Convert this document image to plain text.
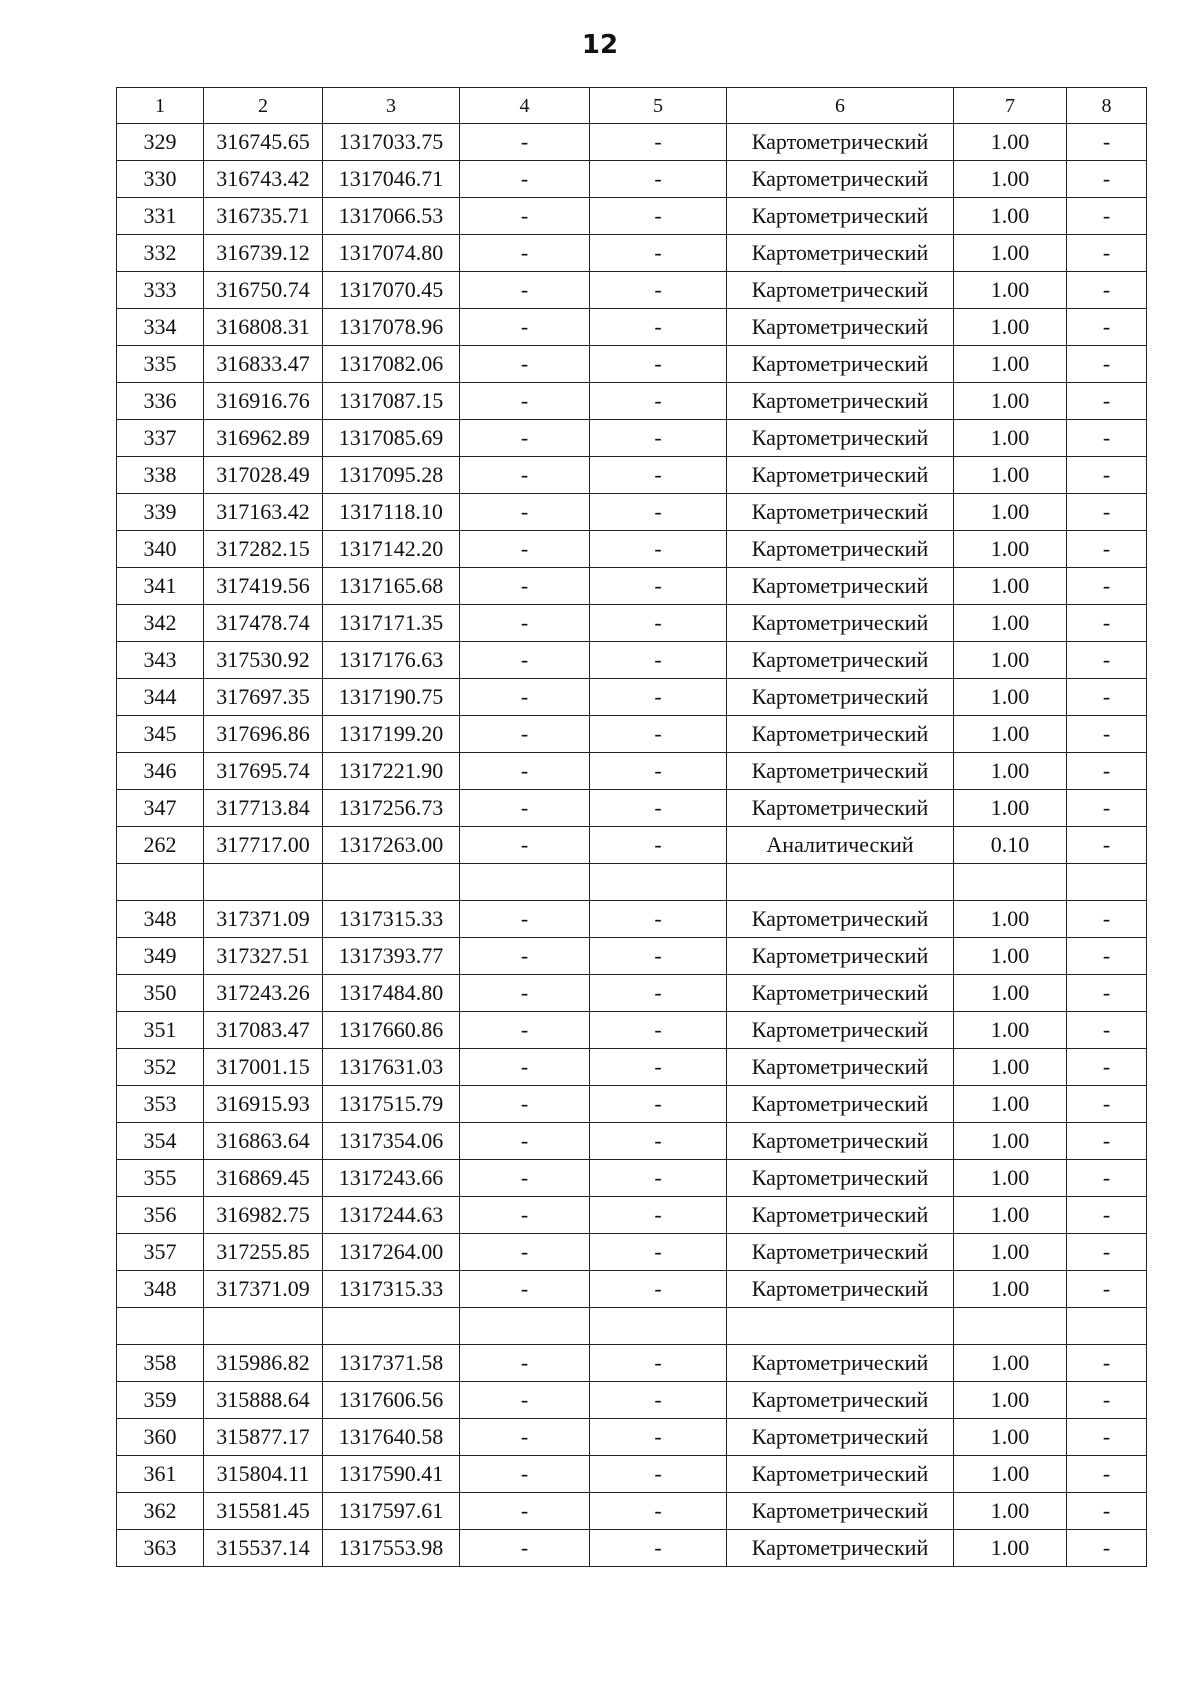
12
1	2	3	4	5	6	7	8
329	316745.65	1317033.75	-	-	Картометрический	1.00	-
330	316743.42	1317046.71	-	-	Картометрический	1.00	-
331	316735.71	1317066.53	-	-	Картометрический	1.00	-
332	316739.12	1317074.80	-	-	Картометрический	1.00	-
333	316750.74	1317070.45	-	-	Картометрический	1.00	-
334	316808.31	1317078.96	-	-	Картометрический	1.00	-
335	316833.47	1317082.06	-	-	Картометрический	1.00	-
336	316916.76	1317087.15	-	-	Картометрический	1.00	-
337	316962.89	1317085.69	-	-	Картометрический	1.00	-
338	317028.49	1317095.28	-	-	Картометрический	1.00	-
339	317163.42	1317118.10	-	-	Картометрический	1.00	-
340	317282.15	1317142.20	-	-	Картометрический	1.00	-
341	317419.56	1317165.68	-	-	Картометрический	1.00	-
342	317478.74	1317171.35	-	-	Картометрический	1.00	-
343	317530.92	1317176.63	-	-	Картометрический	1.00	-
344	317697.35	1317190.75	-	-	Картометрический	1.00	-
345	317696.86	1317199.20	-	-	Картометрический	1.00	-
346	317695.74	1317221.90	-	-	Картометрический	1.00	-
347	317713.84	1317256.73	-	-	Картометрический	1.00	-
262	317717.00	1317263.00	-	-	Аналитический	0.10	-

348	317371.09	1317315.33	-	-	Картометрический	1.00	-
349	317327.51	1317393.77	-	-	Картометрический	1.00	-
350	317243.26	1317484.80	-	-	Картометрический	1.00	-
351	317083.47	1317660.86	-	-	Картометрический	1.00	-
352	317001.15	1317631.03	-	-	Картометрический	1.00	-
353	316915.93	1317515.79	-	-	Картометрический	1.00	-
354	316863.64	1317354.06	-	-	Картометрический	1.00	-
355	316869.45	1317243.66	-	-	Картометрический	1.00	-
356	316982.75	1317244.63	-	-	Картометрический	1.00	-
357	317255.85	1317264.00	-	-	Картометрический	1.00	-
348	317371.09	1317315.33	-	-	Картометрический	1.00	-

358	315986.82	1317371.58	-	-	Картометрический	1.00	-
359	315888.64	1317606.56	-	-	Картометрический	1.00	-
360	315877.17	1317640.58	-	-	Картометрический	1.00	-
361	315804.11	1317590.41	-	-	Картометрический	1.00	-
362	315581.45	1317597.61	-	-	Картометрический	1.00	-
363	315537.14	1317553.98	-	-	Картометрический	1.00	-
